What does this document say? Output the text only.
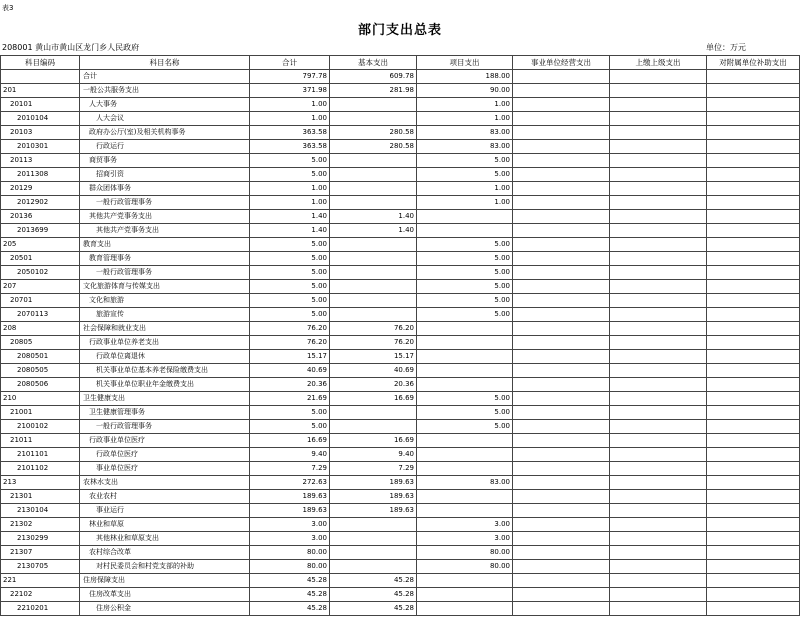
表3
部门支出总表
208001 黄山市黄山区龙门乡人民政府	单位：万元
科目编码	科目名称	合计	基本支出	项目支出	事业单位经营支出	上缴上级支出	对附属单位补助支出
	合计	797.78	609.78	188.00			
201	一般公共服务支出	371.98	281.98	90.00			
20101	人大事务	1.00		1.00			
2010104	人大会议	1.00		1.00			
20103	政府办公厅(室)及相关机构事务	363.58	280.58	83.00			
2010301	行政运行	363.58	280.58	83.00			
20113	商贸事务	5.00		5.00			
2011308	招商引资	5.00		5.00			
20129	群众团体事务	1.00		1.00			
2012902	一般行政管理事务	1.00		1.00			
20136	其他共产党事务支出	1.40	1.40				
2013699	其他共产党事务支出	1.40	1.40				
205	教育支出	5.00		5.00			
20501	教育管理事务	5.00		5.00			
2050102	一般行政管理事务	5.00		5.00			
207	文化旅游体育与传媒支出	5.00		5.00			
20701	文化和旅游	5.00		5.00			
2070113	旅游宣传	5.00		5.00			
208	社会保障和就业支出	76.20	76.20				
20805	行政事业单位养老支出	76.20	76.20				
2080501	行政单位离退休	15.17	15.17				
2080505	机关事业单位基本养老保险缴费支出	40.69	40.69				
2080506	机关事业单位职业年金缴费支出	20.36	20.36				
210	卫生健康支出	21.69	16.69	5.00			
21001	卫生健康管理事务	5.00		5.00			
2100102	一般行政管理事务	5.00		5.00			
21011	行政事业单位医疗	16.69	16.69				
2101101	行政单位医疗	9.40	9.40				
2101102	事业单位医疗	7.29	7.29				
213	农林水支出	272.63	189.63	83.00			
21301	农业农村	189.63	189.63				
2130104	事业运行	189.63	189.63				
21302	林业和草原	3.00		3.00			
2130299	其他林业和草原支出	3.00		3.00			
21307	农村综合改革	80.00		80.00			
2130705	对村民委员会和村党支部的补助	80.00		80.00			
221	住房保障支出	45.28	45.28				
22102	住房改革支出	45.28	45.28				
2210201	住房公积金	45.28	45.28				
